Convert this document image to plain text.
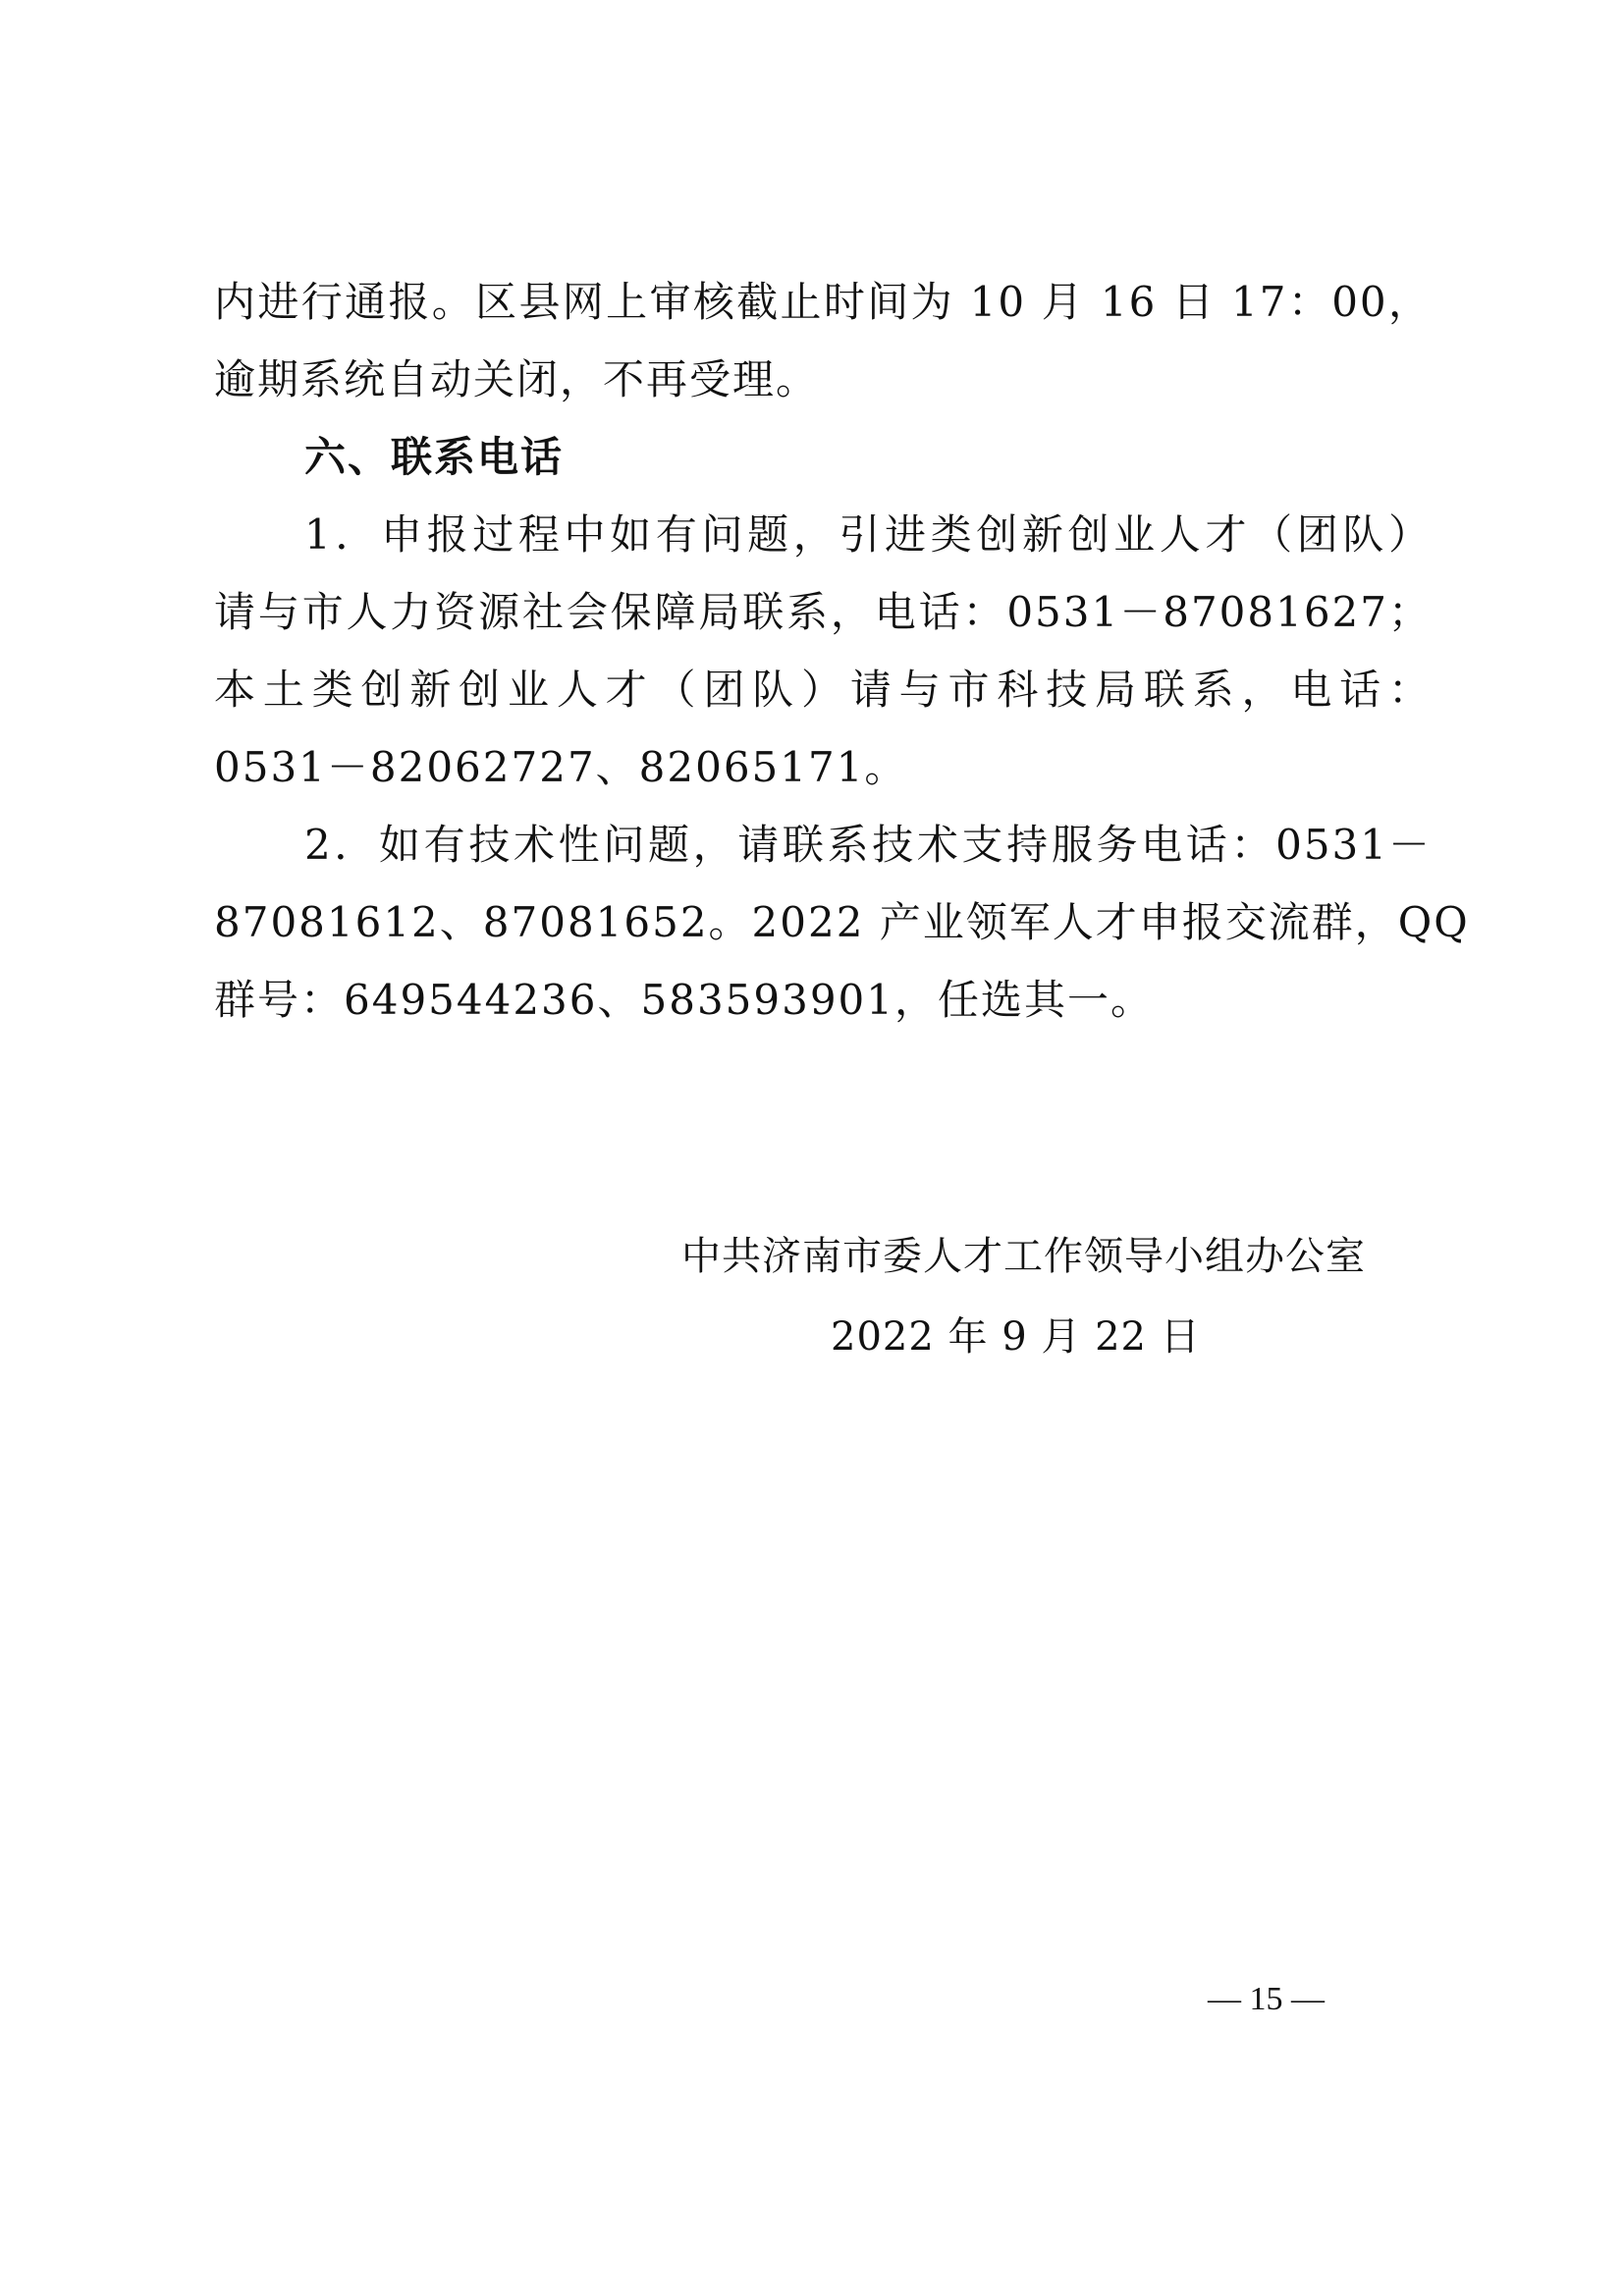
内进行通报。区县网上审核截止时间为 10 月 16 日 17：00，
逾期系统自动关闭，不再受理。
六、联系电话
1．申报过程中如有问题，引进类创新创业人才（团队）
请与市人力资源社会保障局联系，电话：0531－87081627；
本土类创新创业人才（团队）请与市科技局联系，电话：
0531－82062727、82065171。
2．如有技术性问题，请联系技术支持服务电话：0531－
87081612、87081652。2022 产业领军人才申报交流群，QQ
群号：649544236、583593901，任选其一。
中共济南市委人才工作领导小组办公室
2022 年 9 月 22 日
— 15 —
